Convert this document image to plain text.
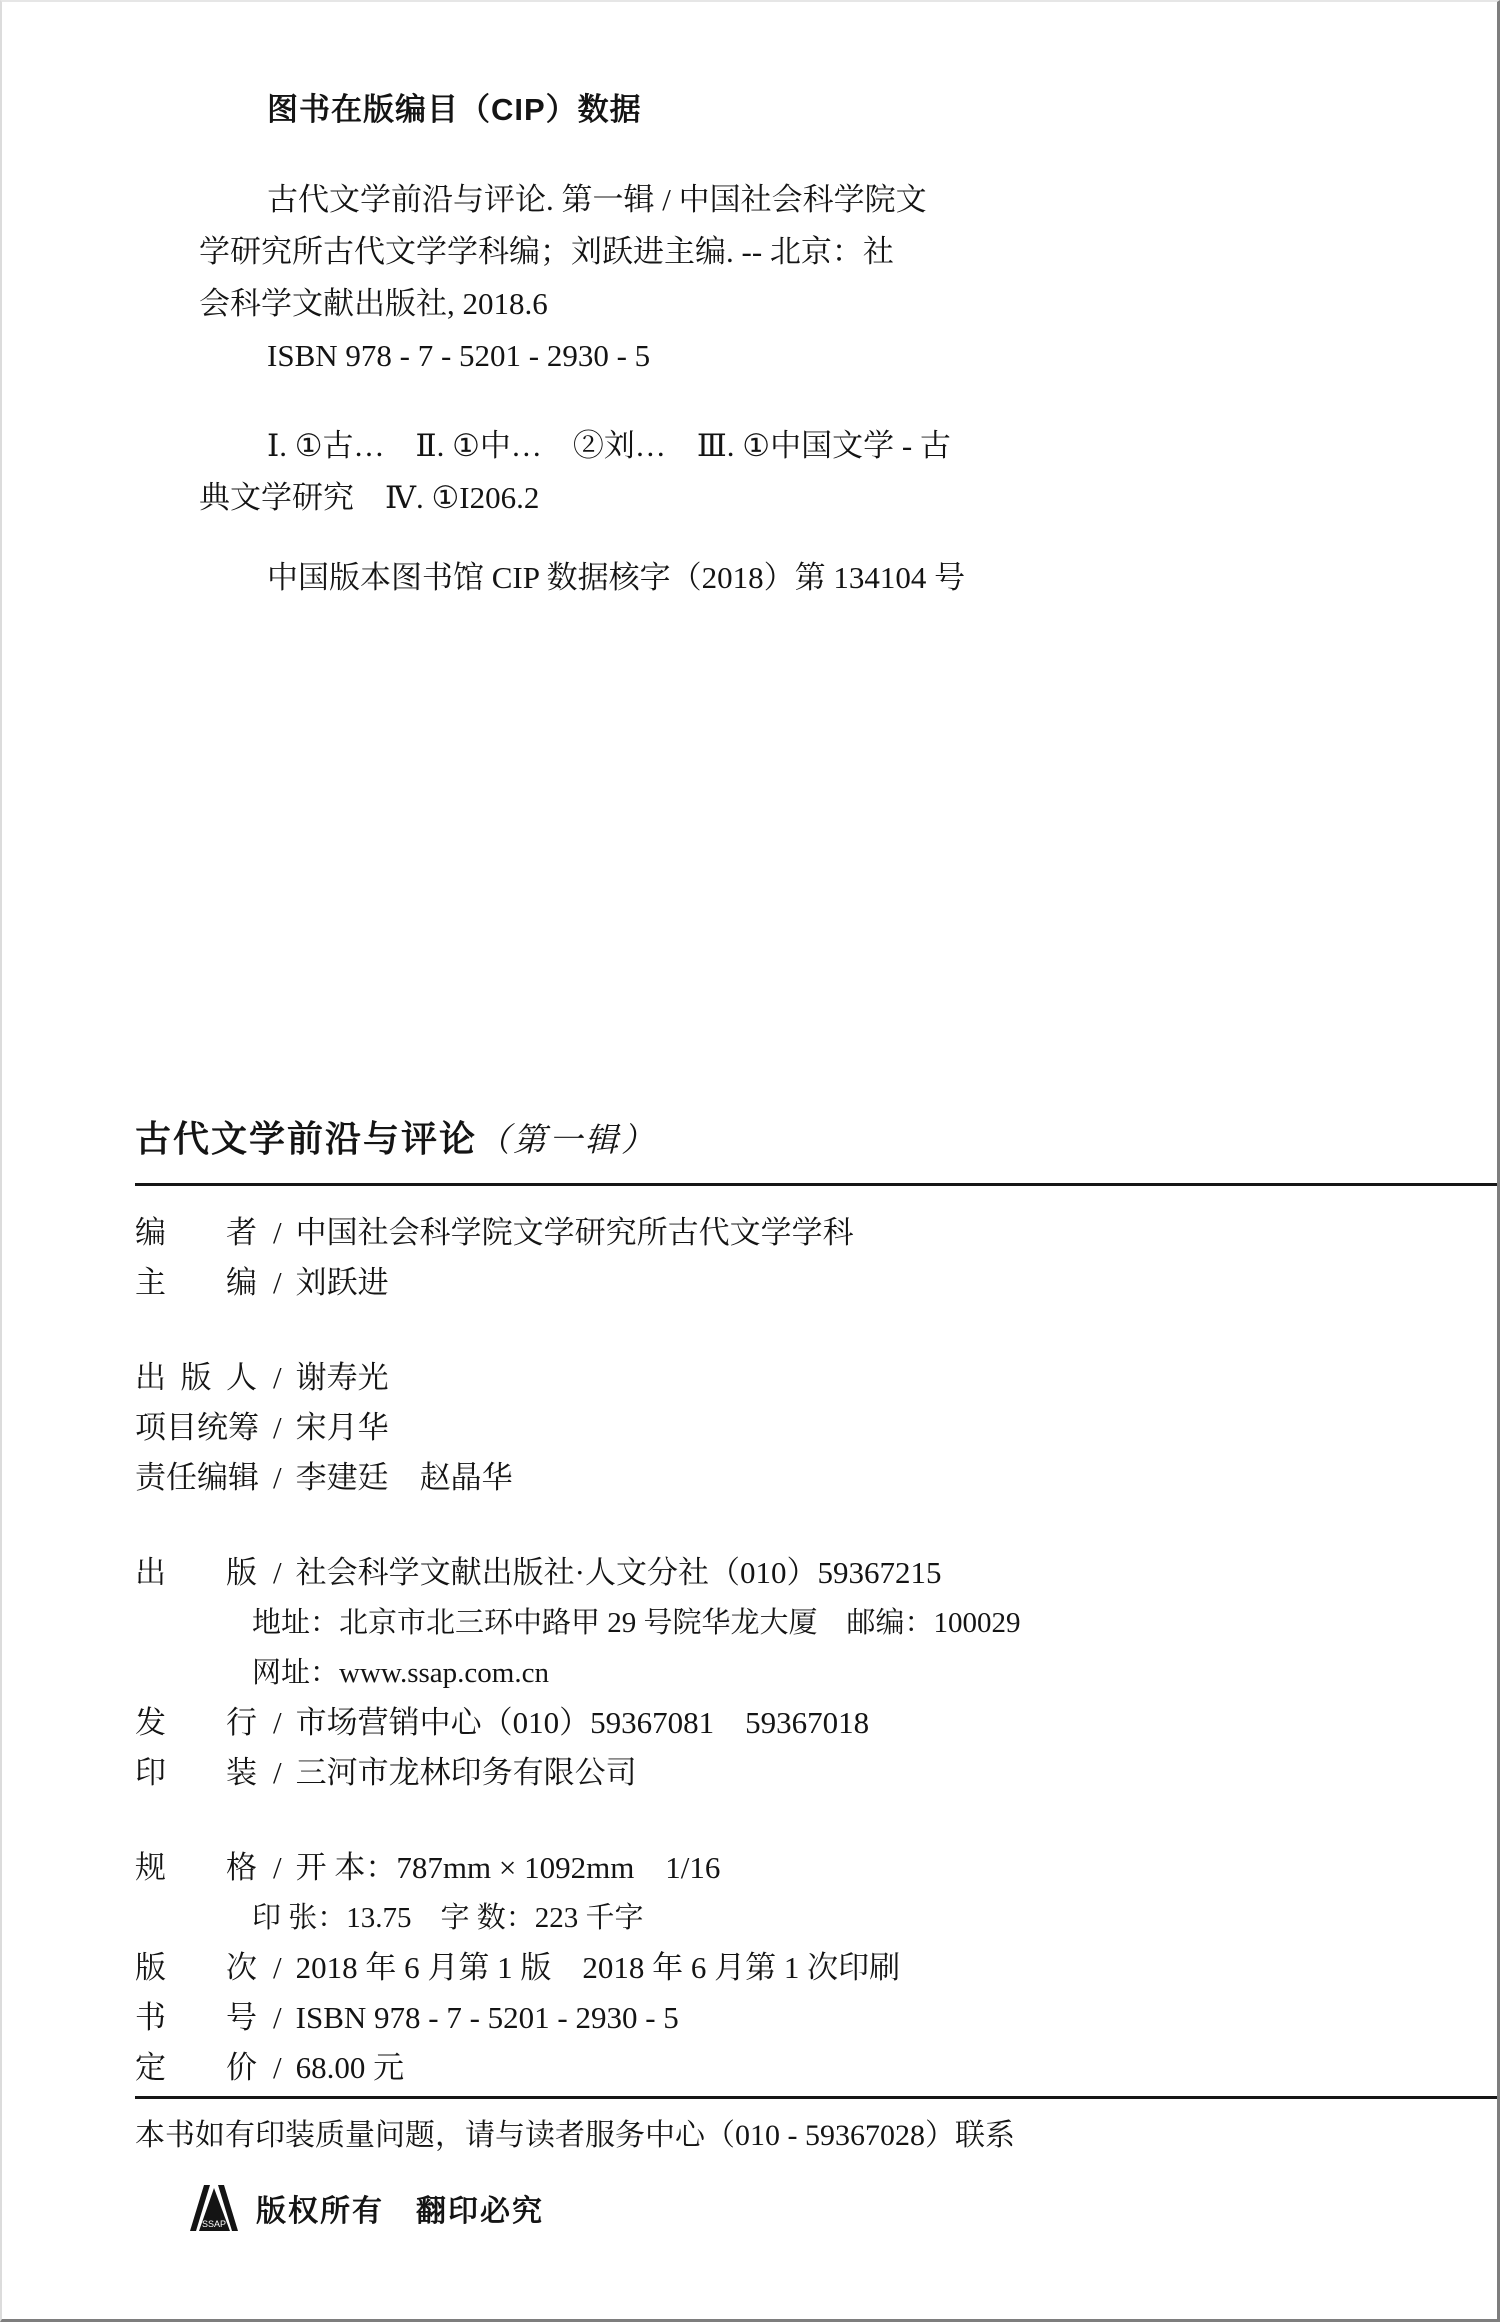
图书在版编目（CIP）数据
古代文学前沿与评论. 第一辑 / 中国社会科学院文
学研究所古代文学学科编；刘跃进主编. -- 北京：社
会科学文献出版社, 2018.6
ISBN 978 - 7 - 5201 - 2930 - 5
Ⅰ. ①古…　Ⅱ. ①中…　②刘…　Ⅲ. ①中国文学 - 古
典文学研究　Ⅳ. ①I206.2
中国版本图书馆 CIP 数据核字（2018）第 134104 号
古代文学前沿与评论（第一辑）
编　者 / 中国社会科学院文学研究所古代文学学科
主　编 / 刘跃进
出版人 / 谢寿光
项目统筹 / 宋月华
责任编辑 / 李建廷　赵晶华
出　版 / 社会科学文献出版社·人文分社（010）59367215
地址：北京市北三环中路甲 29 号院华龙大厦　邮编：100029
网址：www.ssap.com.cn
发　行 / 市场营销中心（010）59367081　59367018
印　装 / 三河市龙林印务有限公司
规　格 / 开 本：787mm × 1092mm　1/16
印 张：13.75　字 数：223 千字
版　次 / 2018 年 6 月第 1 版　2018 年 6 月第 1 次印刷
书　号 / ISBN 978 - 7 - 5201 - 2930 - 5
定　价 / 68.00 元
本书如有印装质量问题，请与读者服务中心（010 - 59367028）联系
SSAP 版权所有　翻印必究
